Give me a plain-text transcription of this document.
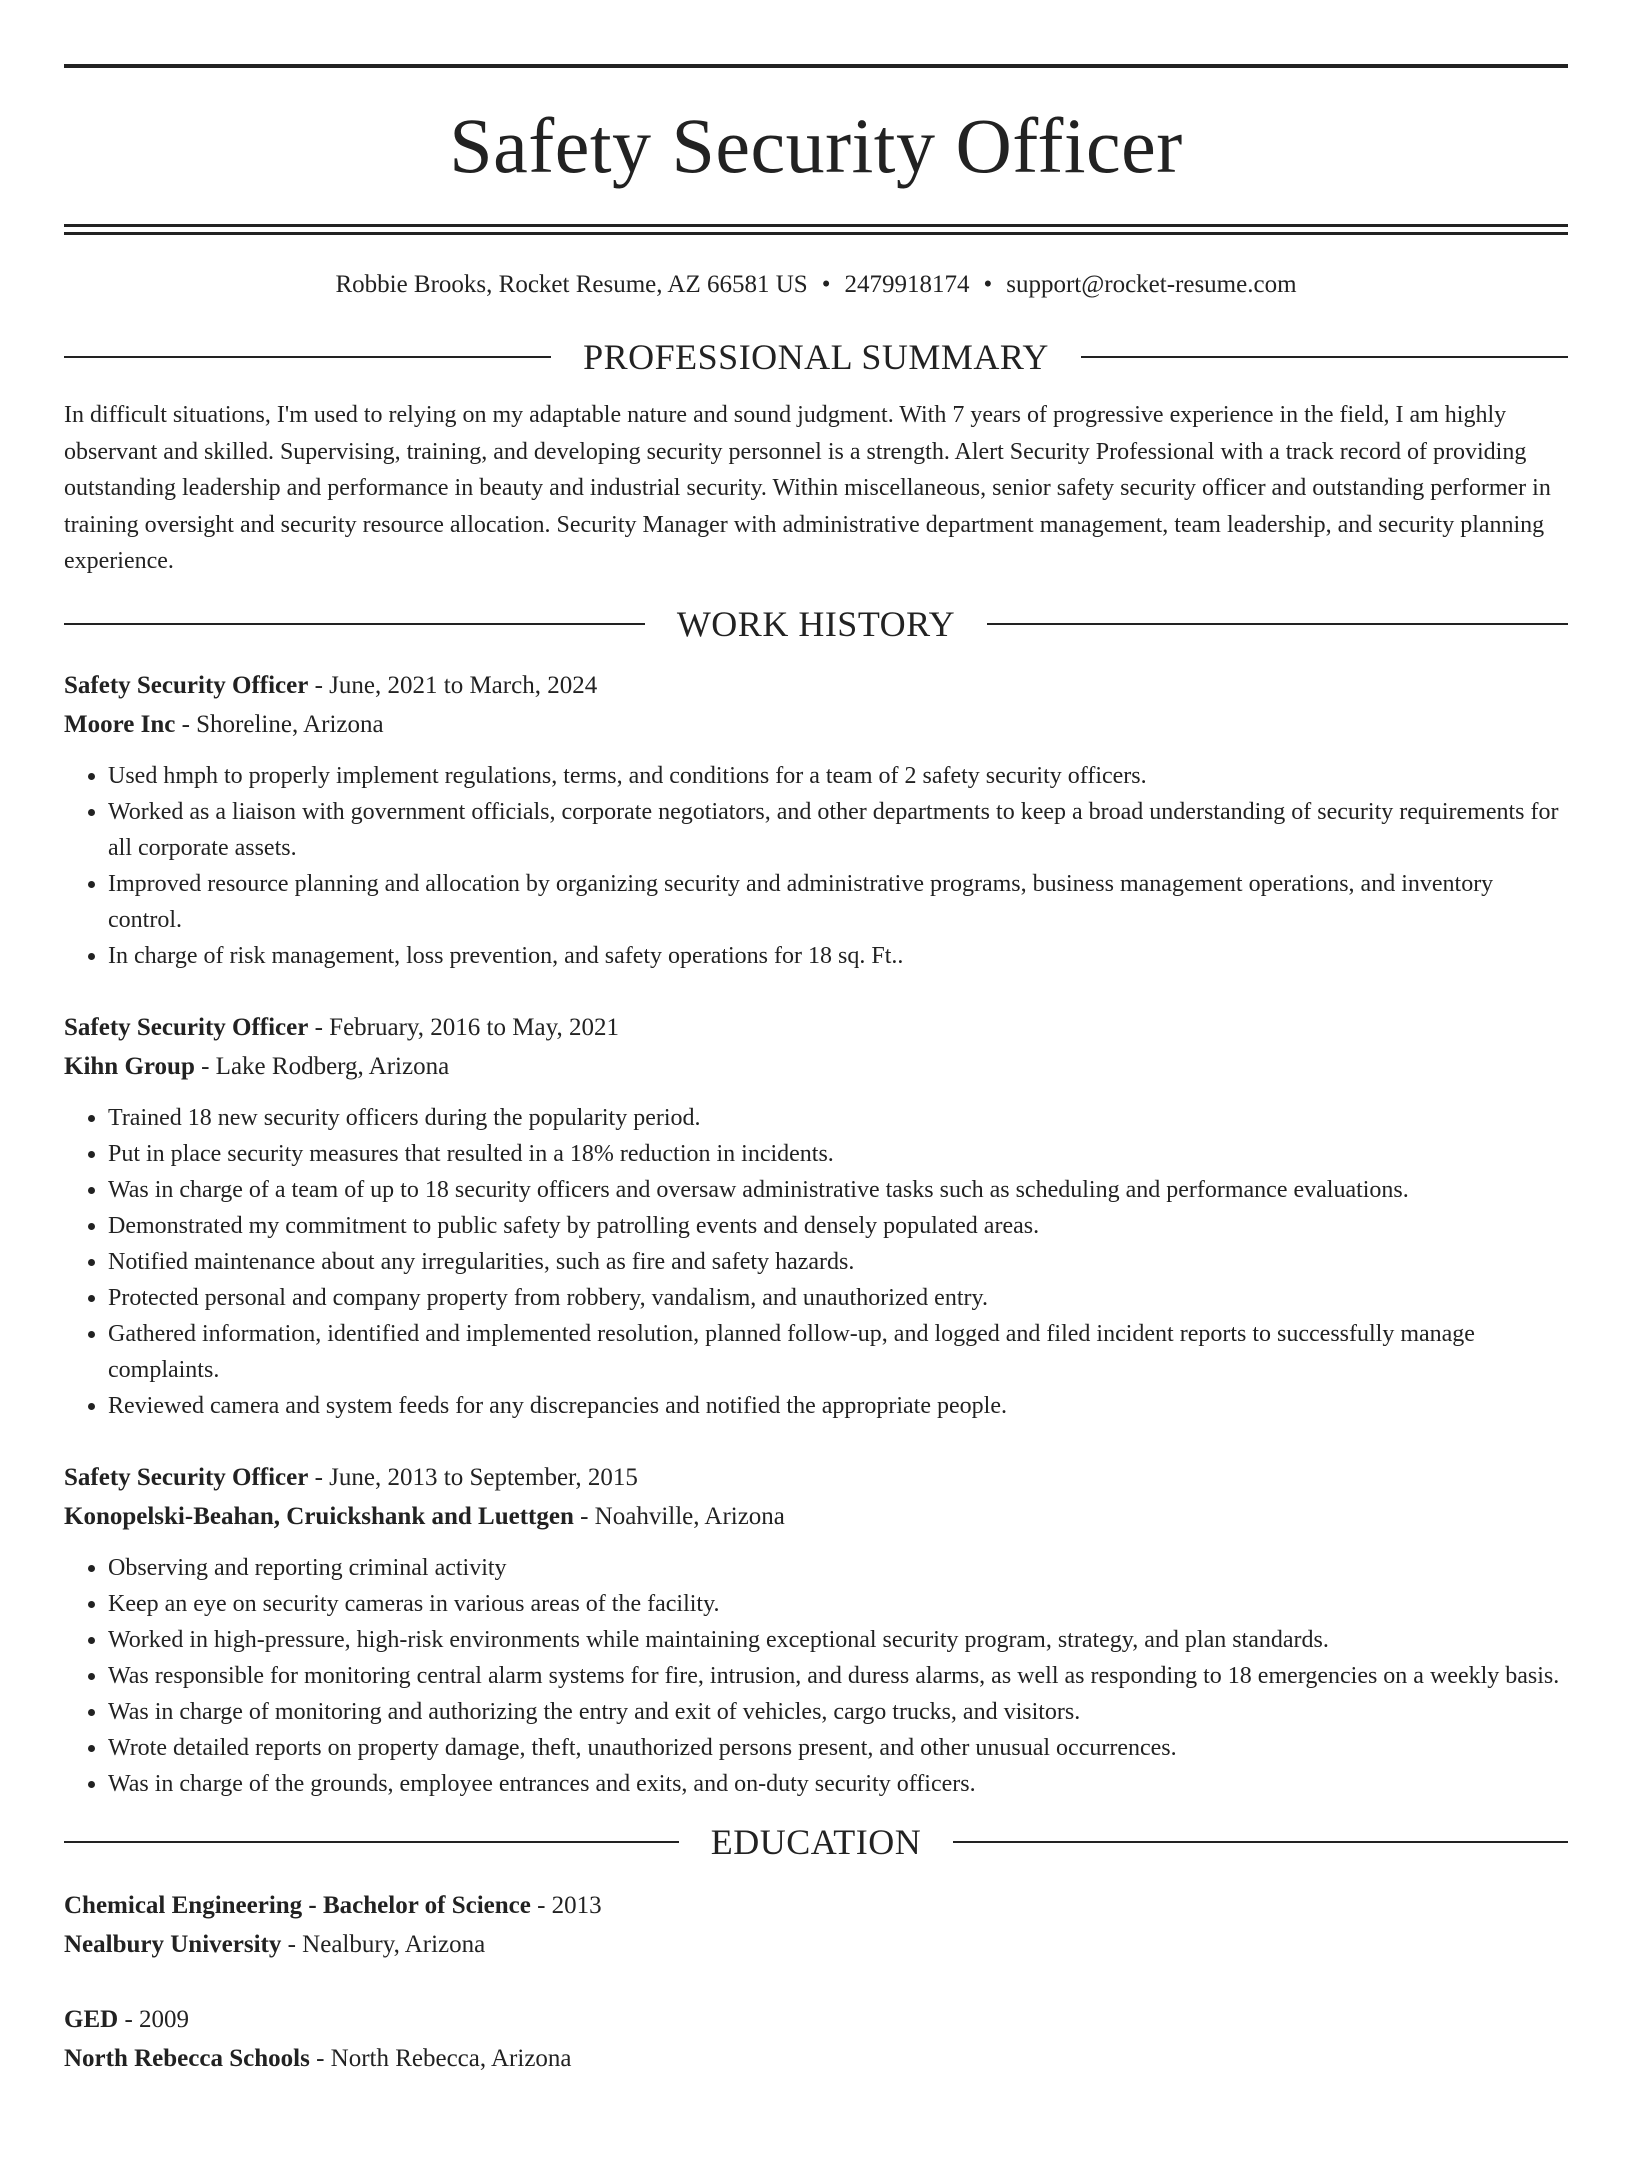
Safety Security Officer
Robbie Brooks, Rocket Resume, AZ 66581 US • 2479918174 • support@rocket-resume.com
PROFESSIONAL SUMMARY

In difficult situations, I'm used to relying on my adaptable nature and sound judgment. With 7 years of progressive experience in the field, I am highly observant and skilled. Supervising, training, and developing security personnel is a strength. Alert Security Professional with a track record of providing outstanding leadership and performance in beauty and industrial security. Within miscellaneous, senior safety security officer and outstanding performer in training oversight and security resource allocation. Security Manager with administrative department management, team leadership, and security planning experience.

WORK HISTORY
Safety Security Officer - June, 2021 to March, 2024
Moore Inc - Shoreline, Arizona
• Used hmph to properly implement regulations, terms, and conditions for a team of 2 safety security officers.
• Worked as a liaison with government officials, corporate negotiators, and other departments to keep a broad understanding of security requirements for all corporate assets.
• Improved resource planning and allocation by organizing security and administrative programs, business management operations, and inventory control.
• In charge of risk management, loss prevention, and safety operations for 18 sq. Ft..
Safety Security Officer - February, 2016 to May, 2021
Kihn Group - Lake Rodberg, Arizona
• Trained 18 new security officers during the popularity period.
• Put in place security measures that resulted in a 18% reduction in incidents.
• Was in charge of a team of up to 18 security officers and oversaw administrative tasks such as scheduling and performance evaluations.
• Demonstrated my commitment to public safety by patrolling events and densely populated areas.
• Notified maintenance about any irregularities, such as fire and safety hazards.
• Protected personal and company property from robbery, vandalism, and unauthorized entry.
• Gathered information, identified and implemented resolution, planned follow-up, and logged and filed incident reports to successfully manage complaints.
• Reviewed camera and system feeds for any discrepancies and notified the appropriate people.
Safety Security Officer - June, 2013 to September, 2015
Konopelski-Beahan, Cruickshank and Luettgen - Noahville, Arizona
• Observing and reporting criminal activity
• Keep an eye on security cameras in various areas of the facility.
• Worked in high-pressure, high-risk environments while maintaining exceptional security program, strategy, and plan standards.
• Was responsible for monitoring central alarm systems for fire, intrusion, and duress alarms, as well as responding to 18 emergencies on a weekly basis.
• Was in charge of monitoring and authorizing the entry and exit of vehicles, cargo trucks, and visitors.
• Wrote detailed reports on property damage, theft, unauthorized persons present, and other unusual occurrences.
• Was in charge of the grounds, employee entrances and exits, and on-duty security officers.
EDUCATION
Chemical Engineering - Bachelor of Science - 2013
Nealbury University - Nealbury, Arizona
GED - 2009
North Rebecca Schools - North Rebecca, Arizona
